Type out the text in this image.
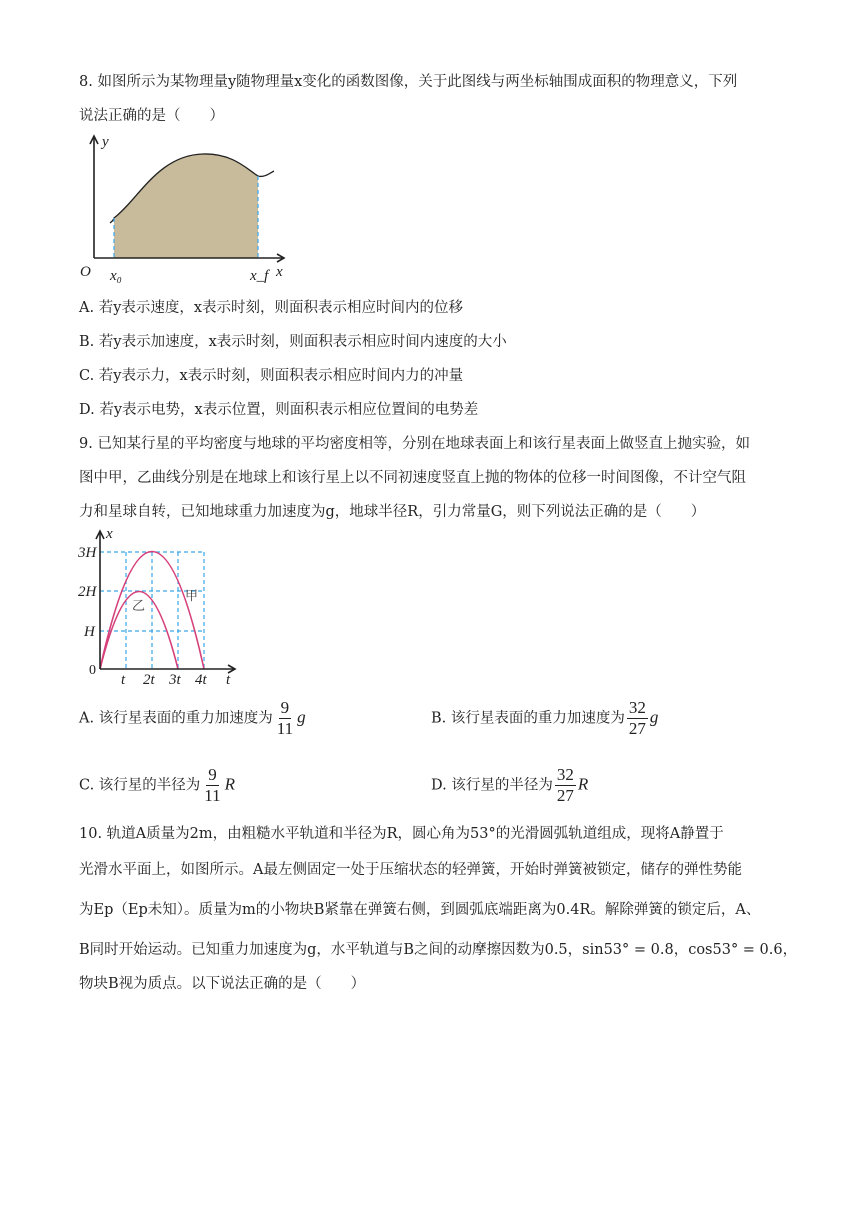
8. 如图所示为某物理量y随物理量x变化的函数图像，关于此图线与两坐标轴围成面积的物理意义，下列
说法正确的是（　　）
y
x
O x₀	x_f
A. 若y表示速度，x表示时刻，则面积表示相应时间内的位移
B. 若y表示加速度，x表示时刻，则面积表示相应时间内速度的大小
C. 若y表示力，x表示时刻，则面积表示相应时间内力的冲量
D. 若y表示电势，x表示位置，则面积表示相应位置间的电势差
9. 已知某行星的平均密度与地球的平均密度相等，分别在地球表面上和该行星表面上做竖直上抛实验，如
图中甲，乙曲线分别是在地球上和该行星上以不同初速度竖直上抛的物体的位移一时间图像，不计空气阻
力和星球自转，已知地球重力加速度为g，地球半径R，引力常量G，则下列说法正确的是（　　）
x
t
0
3H
2H
H
t 2t 3t 4t
甲
乙
A. 该行星表面的重力加速度为 $\frac{9}{11}$ g	B. 该行星表面的重力加速度为 $\frac{32}{27}$ g
C. 该行星的半径为 $\frac{9}{11}$ R	D. 该行星的半径为 $\frac{32}{27}$ R
10. 轨道A质量为2m，由粗糙水平轨道和半径为R，圆心角为53°的光滑圆弧轨道组成，现将A静置于
光滑水平面上，如图所示。A最左侧固定一处于压缩状态的轻弹簧，开始时弹簧被锁定，储存的弹性势能
为Ep（Ep未知）。质量为m的小物块B紧靠在弹簧右侧，到圆弧底端距离为0.4R。解除弹簧的锁定后，A、
B同时开始运动。已知重力加速度为g，水平轨道与B之间的动摩擦因数为0.5，sin53° = 0.8，cos53° = 0.6，
物块B视为质点。以下说法正确的是（　　）
